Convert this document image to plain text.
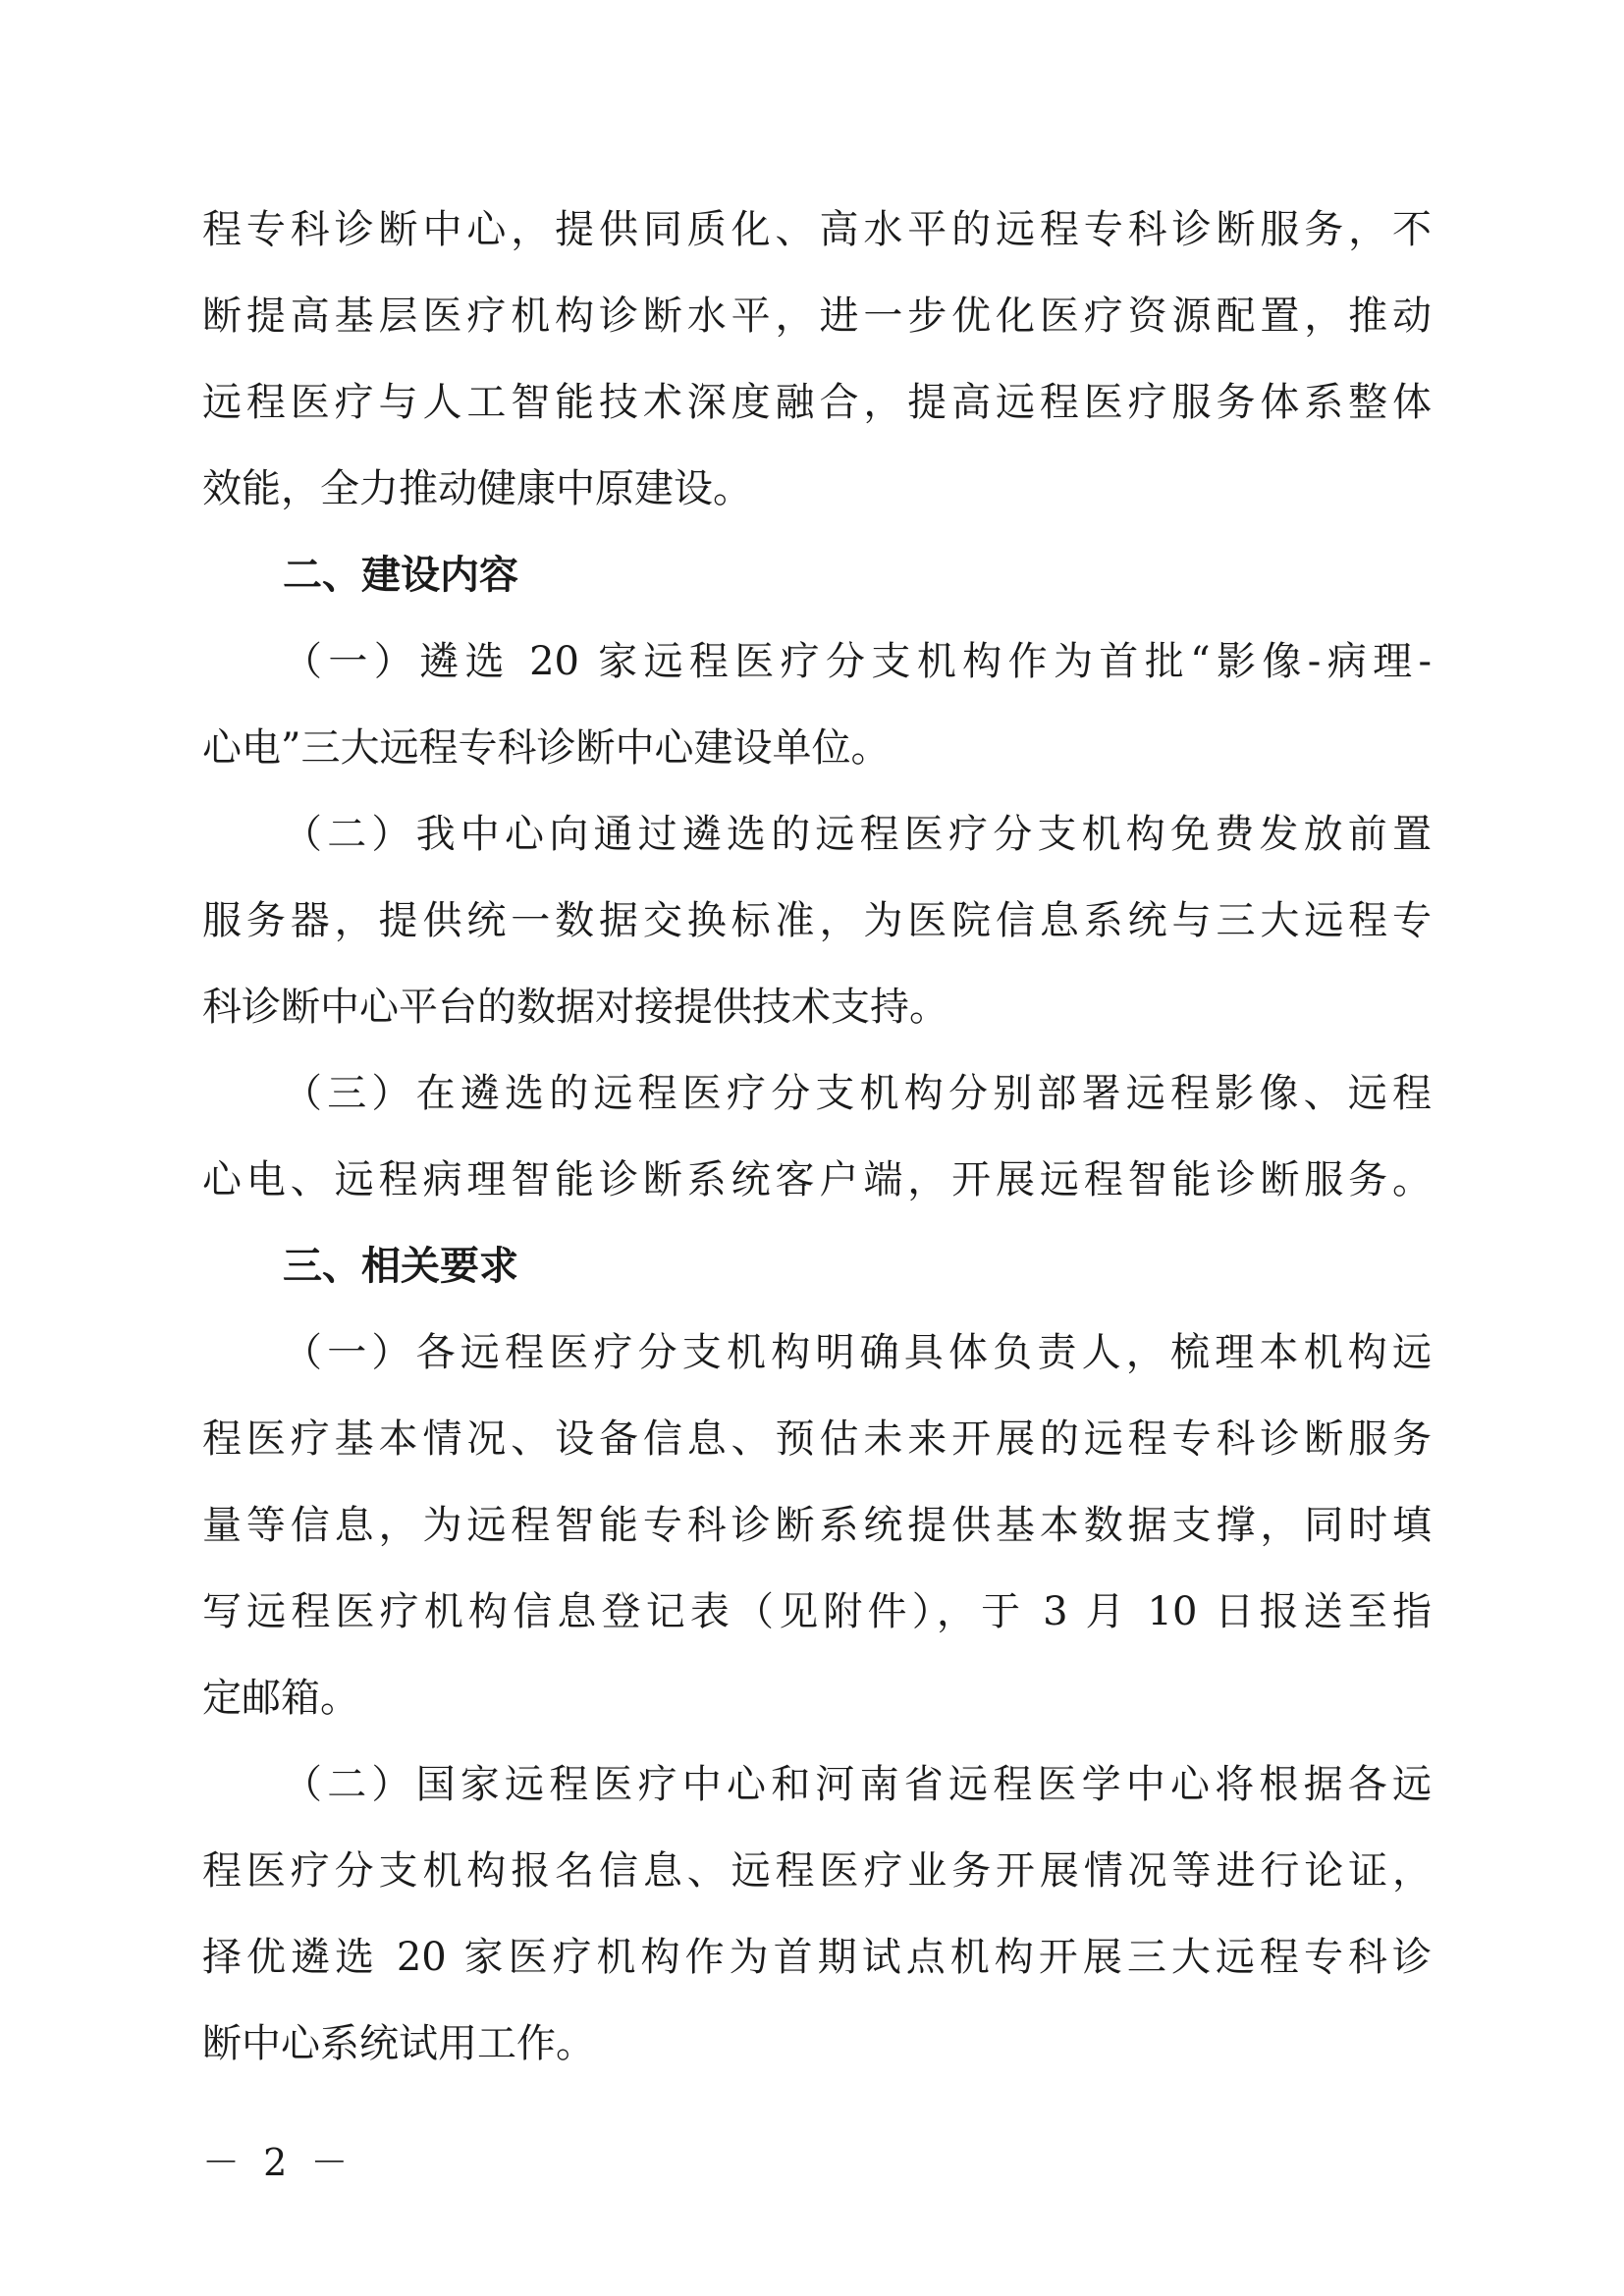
程专科诊断中心，提供同质化、高水平的远程专科诊断服务，不
断提高基层医疗机构诊断水平，进一步优化医疗资源配置，推动
远程医疗与人工智能技术深度融合，提高远程医疗服务体系整体
效能，全力推动健康中原建设。
二、建设内容
（一）遴选 20 家远程医疗分支机构作为首批“影像-病理-
心电”三大远程专科诊断中心建设单位。
（二）我中心向通过遴选的远程医疗分支机构免费发放前置
服务器，提供统一数据交换标准，为医院信息系统与三大远程专
科诊断中心平台的数据对接提供技术支持。
（三）在遴选的远程医疗分支机构分别部署远程影像、远程
心电、远程病理智能诊断系统客户端，开展远程智能诊断服务。
三、相关要求
（一）各远程医疗分支机构明确具体负责人，梳理本机构远
程医疗基本情况、设备信息、预估未来开展的远程专科诊断服务
量等信息，为远程智能专科诊断系统提供基本数据支撑，同时填
写远程医疗机构信息登记表（见附件），于 3 月 10 日报送至指
定邮箱。
（二）国家远程医疗中心和河南省远程医学中心将根据各远
程医疗分支机构报名信息、远程医疗业务开展情况等进行论证，
择优遴选 20 家医疗机构作为首期试点机构开展三大远程专科诊
断中心系统试用工作。
－ 2 －
